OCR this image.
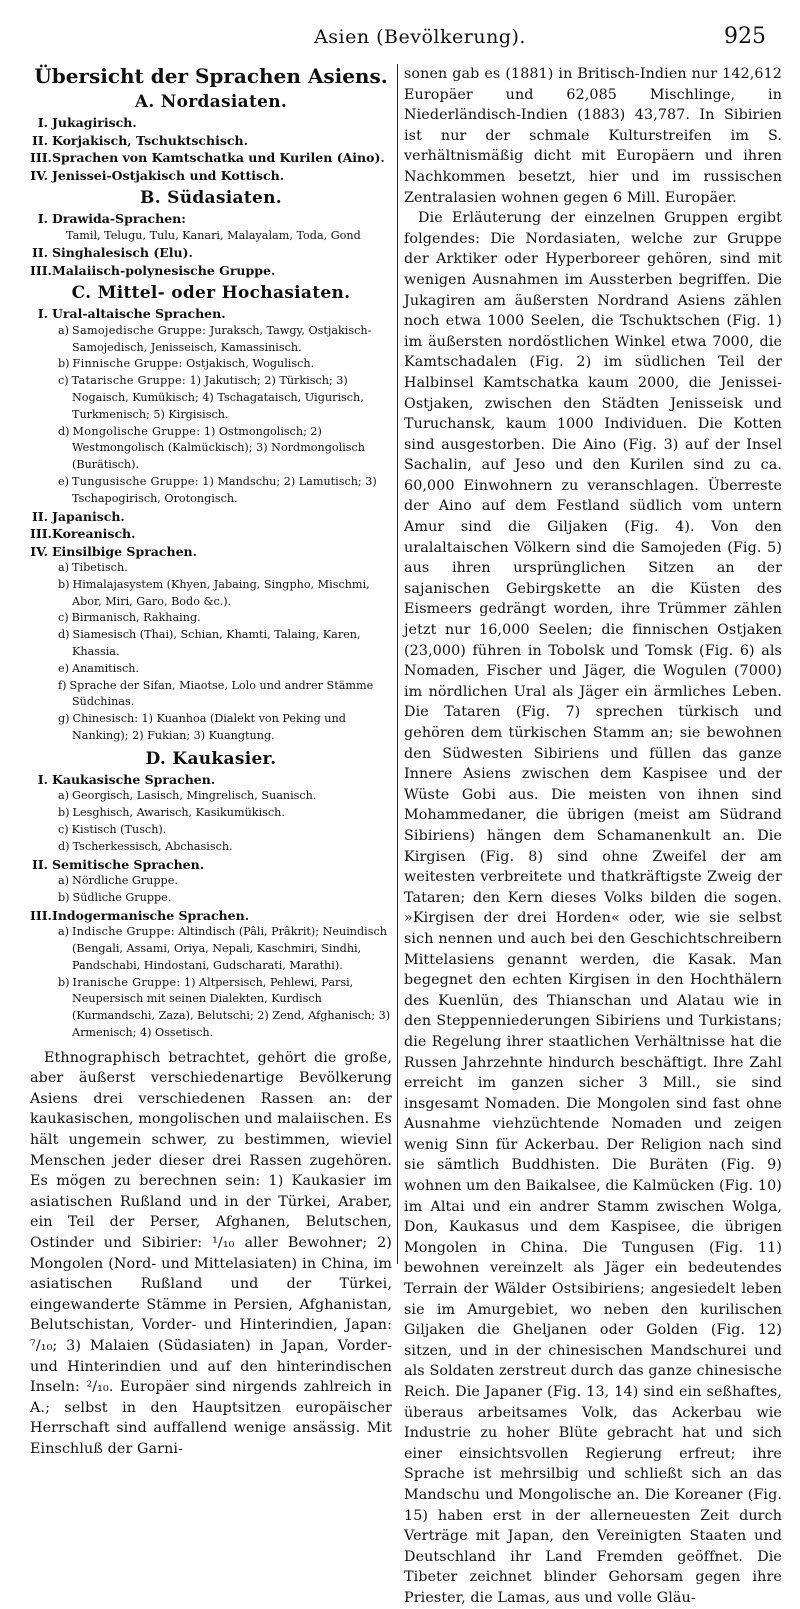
Asien (Bevölkerung).	925
Übersicht der Sprachen Asiens.
A. Nordasiaten.
I. Jukagirisch.
II. Korjakisch, Tschuktschisch.
III.Sprachen von Kamtschatka und Kurilen (Aino).
IV. Jenissei-Ostjakisch und Kottisch.
B. Südasiaten.
I. Drawida-Sprachen:
Tamil, Telugu, Tulu, Kanari, Malayalam, Toda, Gond
II. Singhalesisch (Elu).
III.Malaiisch-polynesische Gruppe.
C. Mittel- oder Hochasiaten.
I. Ural-altaische Sprachen.
a) Samojedische Gruppe: Juraksch, Tawgy, Ostjakisch-Samojedisch, Jenisseisch, Kamassinisch.
b) Finnische Gruppe: Ostjakisch, Wogulisch.
c) Tatarische Gruppe: 1) Jakutisch; 2) Türkisch; 3) Nogaisch, Kumükisch; 4) Tschagataisch, Uigurisch, Turkmenisch; 5) Kirgisisch.
d) Mongolische Gruppe: 1) Ostmongolisch; 2) Westmongolisch (Kalmückisch); 3) Nordmongolisch (Burätisch).
e) Tungusische Gruppe: 1) Mandschu; 2) Lamutisch; 3) Tschapogirisch, Orotongisch.
II. Japanisch.
III.Koreanisch.
IV. Einsilbige Sprachen.
a) Tibetisch.
b) Himalajasystem (Khyen, Jabaing, Singpho, Mischmi, Abor, Miri, Garo, Bodo &c.).
c) Birmanisch, Rakhaing.
d) Siamesisch (Thai), Schian, Khamti, Talaing, Karen, Khassia.
e) Anamitisch.
f) Sprache der Sifan, Miaotse, Lolo und andrer Stämme Südchinas.
g) Chinesisch: 1) Kuanhoa (Dialekt von Peking und Nanking); 2) Fukian; 3) Kuangtung.
D. Kaukasier.
I. Kaukasische Sprachen.
a) Georgisch, Lasisch, Mingrelisch, Suanisch.
b) Lesghisch, Awarisch, Kasikumükisch.
c) Kistisch (Tusch).
d) Tscherkessisch, Abchasisch.
II. Semitische Sprachen.
a) Nördliche Gruppe.
b) Südliche Gruppe.
III.Indogermanische Sprachen.
a) Indische Gruppe: Altindisch (Pâli, Prâkrit); Neuindisch (Bengali, Assami, Oriya, Nepali, Kaschmiri, Sindhi, Pandschabi, Hindostani, Gudscharati, Marathi).
b) Iranische Gruppe: 1) Altpersisch, Pehlewi, Parsi, Neupersisch mit seinen Dialekten, Kurdisch (Kurmandschi, Zaza), Belutschi; 2) Zend, Afghanisch; 3) Armenisch; 4) Ossetisch.

Ethnographisch betrachtet, gehört die große, aber äußerst verschiedenartige Bevölkerung Asiens drei verschiedenen Rassen an: der kaukasischen, mongolischen und malaiischen. Es hält ungemein schwer, zu bestimmen, wieviel Menschen jeder dieser drei Rassen zugehören. Es mögen zu berechnen sein: 1) Kaukasier im asiatischen Rußland und in der Türkei, Araber, ein Teil der Perser, Afghanen, Belutschen, Ostinder und Sibirier: ¹/₁₀ aller Bewohner; 2) Mongolen (Nord- und Mittelasiaten) in China, im asiatischen Rußland und der Türkei, eingewanderte Stämme in Persien, Afghanistan, Belutschistan, Vorder- und Hinterindien, Japan: ⁷/₁₀; 3) Malaien (Südasiaten) in Japan, Vorder- und Hinterindien und auf den hinterindischen Inseln: ²/₁₀. Europäer sind nirgends zahlreich in A.; selbst in den Hauptsitzen europäischer Herrschaft sind auffallend wenige ansässig. Mit Einschluß der Garni-

sonen gab es (1881) in Britisch-Indien nur 142,612 Europäer und 62,085 Mischlinge, in Niederländisch-Indien (1883) 43,787. In Sibirien ist nur der schmale Kulturstreifen im S. verhältnismäßig dicht mit Europäern und ihren Nachkommen besetzt, hier und im russischen Zentralasien wohnen gegen 6 Mill. Europäer.

Die Erläuterung der einzelnen Gruppen ergibt folgendes: Die Nordasiaten, welche zur Gruppe der Arktiker oder Hyperboreer gehören, sind mit wenigen Ausnahmen im Aussterben begriffen. Die Jukagiren am äußersten Nordrand Asiens zählen noch etwa 1000 Seelen, die Tschuktschen (Fig. 1) im äußersten nordöstlichen Winkel etwa 7000, die Kamtschadalen (Fig. 2) im südlichen Teil der Halbinsel Kamtschatka kaum 2000, die Jenissei-Ostjaken, zwischen den Städten Jenisseisk und Turuchansk, kaum 1000 Individuen. Die Kotten sind ausgestorben. Die Aino (Fig. 3) auf der Insel Sachalin, auf Jeso und den Kurilen sind zu ca. 60,000 Einwohnern zu veranschlagen. Überreste der Aino auf dem Festland südlich vom untern Amur sind die Giljaken (Fig. 4). Von den uralaltaischen Völkern sind die Samojeden (Fig. 5) aus ihren ursprünglichen Sitzen an der sajanischen Gebirgskette an die Küsten des Eismeers gedrängt worden, ihre Trümmer zählen jetzt nur 16,000 Seelen; die finnischen Ostjaken (23,000) führen in Tobolsk und Tomsk (Fig. 6) als Nomaden, Fischer und Jäger, die Wogulen (7000) im nördlichen Ural als Jäger ein ärmliches Leben. Die Tataren (Fig. 7) sprechen türkisch und gehören dem türkischen Stamm an; sie bewohnen den Südwesten Sibiriens und füllen das ganze Innere Asiens zwischen dem Kaspisee und der Wüste Gobi aus. Die meisten von ihnen sind Mohammedaner, die übrigen (meist am Südrand Sibiriens) hängen dem Schamanenkult an. Die Kirgisen (Fig. 8) sind ohne Zweifel der am weitesten verbreitete und thatkräftigste Zweig der Tataren; den Kern dieses Volks bilden die sogen. »Kirgisen der drei Horden« oder, wie sie selbst sich nennen und auch bei den Geschichtschreibern Mittelasiens genannt werden, die Kasak. Man begegnet den echten Kirgisen in den Hochthälern des Kuenlün, des Thianschan und Alatau wie in den Steppenniederungen Sibiriens und Turkistans; die Regelung ihrer staatlichen Verhältnisse hat die Russen Jahrzehnte hindurch beschäftigt. Ihre Zahl erreicht im ganzen sicher 3 Mill., sie sind insgesamt Nomaden. Die Mongolen sind fast ohne Ausnahme viehzüchtende Nomaden und zeigen wenig Sinn für Ackerbau. Der Religion nach sind sie sämtlich Buddhisten. Die Buräten (Fig. 9) wohnen um den Baikalsee, die Kalmücken (Fig. 10) im Altai und ein andrer Stamm zwischen Wolga, Don, Kaukasus und dem Kaspisee, die übrigen Mongolen in China. Die Tungusen (Fig. 11) bewohnen vereinzelt als Jäger ein bedeutendes Terrain der Wälder Ostsibiriens; angesiedelt leben sie im Amurgebiet, wo neben den kurilischen Giljaken die Gheljanen oder Golden (Fig. 12) sitzen, und in der chinesischen Mandschurei und als Soldaten zerstreut durch das ganze chinesische Reich. Die Japaner (Fig. 13, 14) sind ein seßhaftes, überaus arbeitsames Volk, das Ackerbau wie Industrie zu hoher Blüte gebracht hat und sich einer einsichtsvollen Regierung erfreut; ihre Sprache ist mehrsilbig und schließt sich an das Mandschu und Mongolische an. Die Koreaner (Fig. 15) haben erst in der allerneuesten Zeit durch Verträge mit Japan, den Vereinigten Staaten und Deutschland ihr Land Fremden geöffnet. Die Tibeter zeichnet blinder Gehorsam gegen ihre Priester, die Lamas, aus und volle Gläu-
